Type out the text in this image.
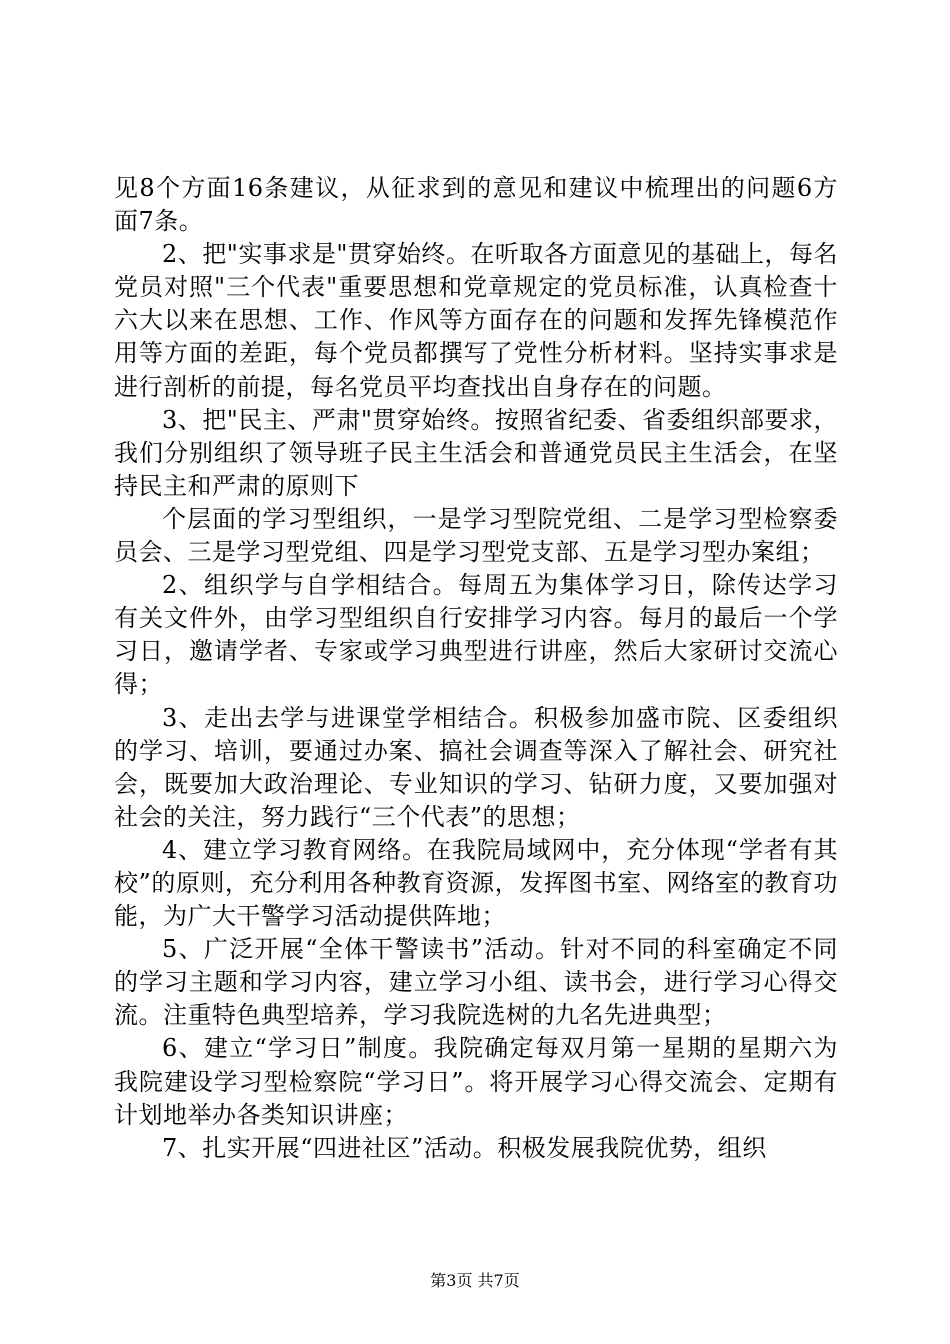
见8个方面16条建议，从征求到的意见和建议中梳理出的问题6方面7条。

2、把"实事求是"贯穿始终。在听取各方面意见的基础上，每名党员对照"三个代表"重要思想和党章规定的党员标准，认真检查十六大以来在思想、工作、作风等方面存在的问题和发挥先锋模范作用等方面的差距，每个党员都撰写了党性分析材料。坚持实事求是进行剖析的前提，每名党员平均查找出自身存在的问题。

3、把"民主、严肃"贯穿始终。按照省纪委、省委组织部要求，我们分别组织了领导班子民主生活会和普通党员民主生活会，在坚持民主和严肃的原则下

个层面的学习型组织，一是学习型院党组、二是学习型检察委员会、三是学习型党组、四是学习型党支部、五是学习型办案组；

2、组织学与自学相结合。每周五为集体学习日，除传达学习有关文件外，由学习型组织自行安排学习内容。每月的最后一个学习日，邀请学者、专家或学习典型进行讲座，然后大家研讨交流心得；

3、走出去学与进课堂学相结合。积极参加盛市院、区委组织的学习、培训，要通过办案、搞社会调查等深入了解社会、研究社会，既要加大政治理论、专业知识的学习、钻研力度，又要加强对社会的关注，努力践行“三个代表”的思想；

4、建立学习教育网络。在我院局域网中，充分体现“学者有其校”的原则，充分利用各种教育资源，发挥图书室、网络室的教育功能，为广大干警学习活动提供阵地；

5、广泛开展“全体干警读书”活动。针对不同的科室确定不同的学习主题和学习内容，建立学习小组、读书会，进行学习心得交流。注重特色典型培养，学习我院选树的九名先进典型；

6、建立“学习日”制度。我院确定每双月第一星期的星期六为我院建设学习型检察院“学习日”。将开展学习心得交流会、定期有计划地举办各类知识讲座；

7、扎实开展“四进社区”活动。积极发展我院优势，组织

第3页 共7页
